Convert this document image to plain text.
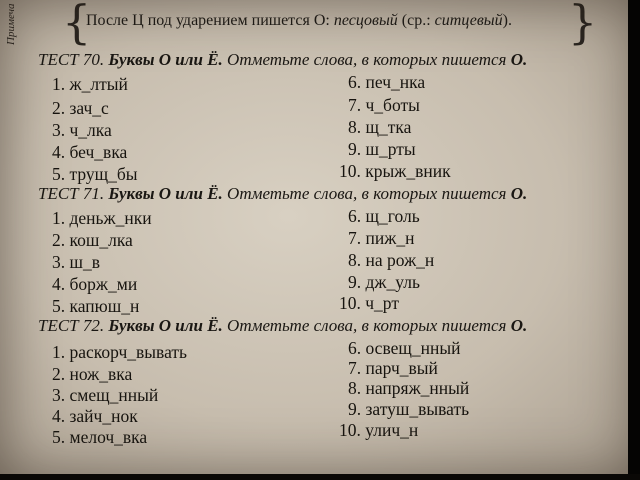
Примеча {
После Ц под ударением пишется О: песцовый (ср.: ситцевый). }
ТЕСТ 70. Буквы О или Ё. Отметьте слова, в которых пишется О.
1. ж_лтый
2. зач_с
3. ч_лка
4. беч_вка
5. трущ_бы
6. печ_нка
7. ч_боты
8. щ_тка
9. ш_рты
10. крыж_вник
ТЕСТ 71. Буквы О или Ё. Отметьте слова, в которых пишется О.
1. деньж_нки
2. кош_лка
3. ш_в
4. борж_ми
5. капюш_н
6. щ_голь
7. пиж_н
8. на рож_н
9. дж_уль
10. ч_рт
ТЕСТ 72. Буквы О или Ё. Отметьте слова, в которых пишется О.
1. раскорч_вывать
2. нож_вка
3. смещ_нный
4. зайч_нок
5. мелоч_вка
6. освещ_нный
7. парч_вый
8. напряж_нный
9. затуш_вывать
10. улич_н
